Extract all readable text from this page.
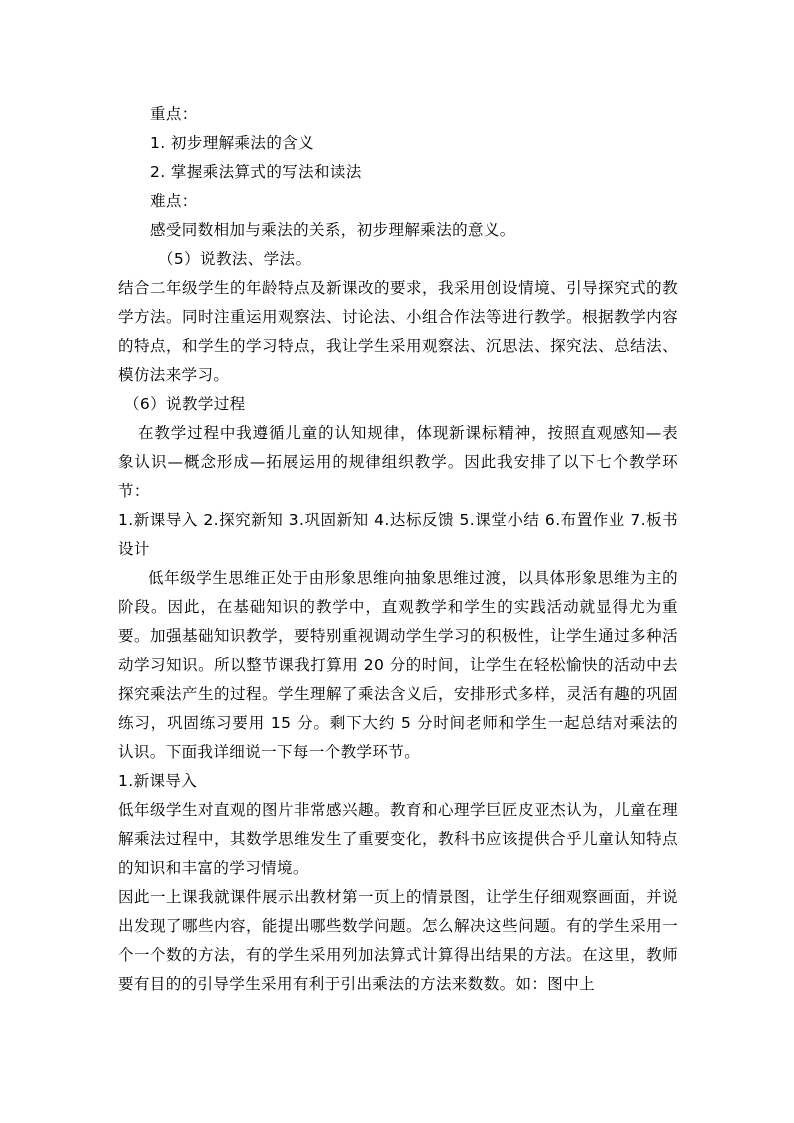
重点：

1. 初步理解乘法的含义

2. 掌握乘法算式的写法和读法

难点：

感受同数相加与乘法的关系，初步理解乘法的意义。

（5）说教法、学法。

结合二年级学生的年龄特点及新课改的要求，我采用创设情境、引导探究式的教学方法。同时注重运用观察法、讨论法、小组合作法等进行教学。根据教学内容的特点，和学生的学习特点，我让学生采用观察法、沉思法、探究法、总结法、模仿法来学习。

（6）说教学过程

在教学过程中我遵循儿童的认知规律，体现新课标精神，按照直观感知—表象认识—概念形成—拓展运用的规律组织教学。因此我安排了以下七个教学环节：

1.新课导入 2.探究新知 3.巩固新知 4.达标反馈 5.课堂小结 6.布置作业 7.板书设计

低年级学生思维正处于由形象思维向抽象思维过渡，以具体形象思维为主的阶段。因此，在基础知识的教学中，直观教学和学生的实践活动就显得尤为重要。加强基础知识教学，要特别重视调动学生学习的积极性，让学生通过多种活动学习知识。所以整节课我打算用 20 分的时间，让学生在轻松愉快的活动中去探究乘法产生的过程。学生理解了乘法含义后，安排形式多样，灵活有趣的巩固练习，巩固练习要用 15 分。剩下大约 5 分时间老师和学生一起总结对乘法的认识。下面我详细说一下每一个教学环节。

1.新课导入

低年级学生对直观的图片非常感兴趣。教育和心理学巨匠皮亚杰认为，儿童在理解乘法过程中，其数学思维发生了重要变化，教科书应该提供合乎儿童认知特点的知识和丰富的学习情境。

因此一上课我就课件展示出教材第一页上的情景图，让学生仔细观察画面，并说出发现了哪些内容，能提出哪些数学问题。怎么解决这些问题。有的学生采用一个一个数的方法，有的学生采用列加法算式计算得出结果的方法。在这里，教师要有目的的引导学生采用有利于引出乘法的方法来数数。如：图中上
